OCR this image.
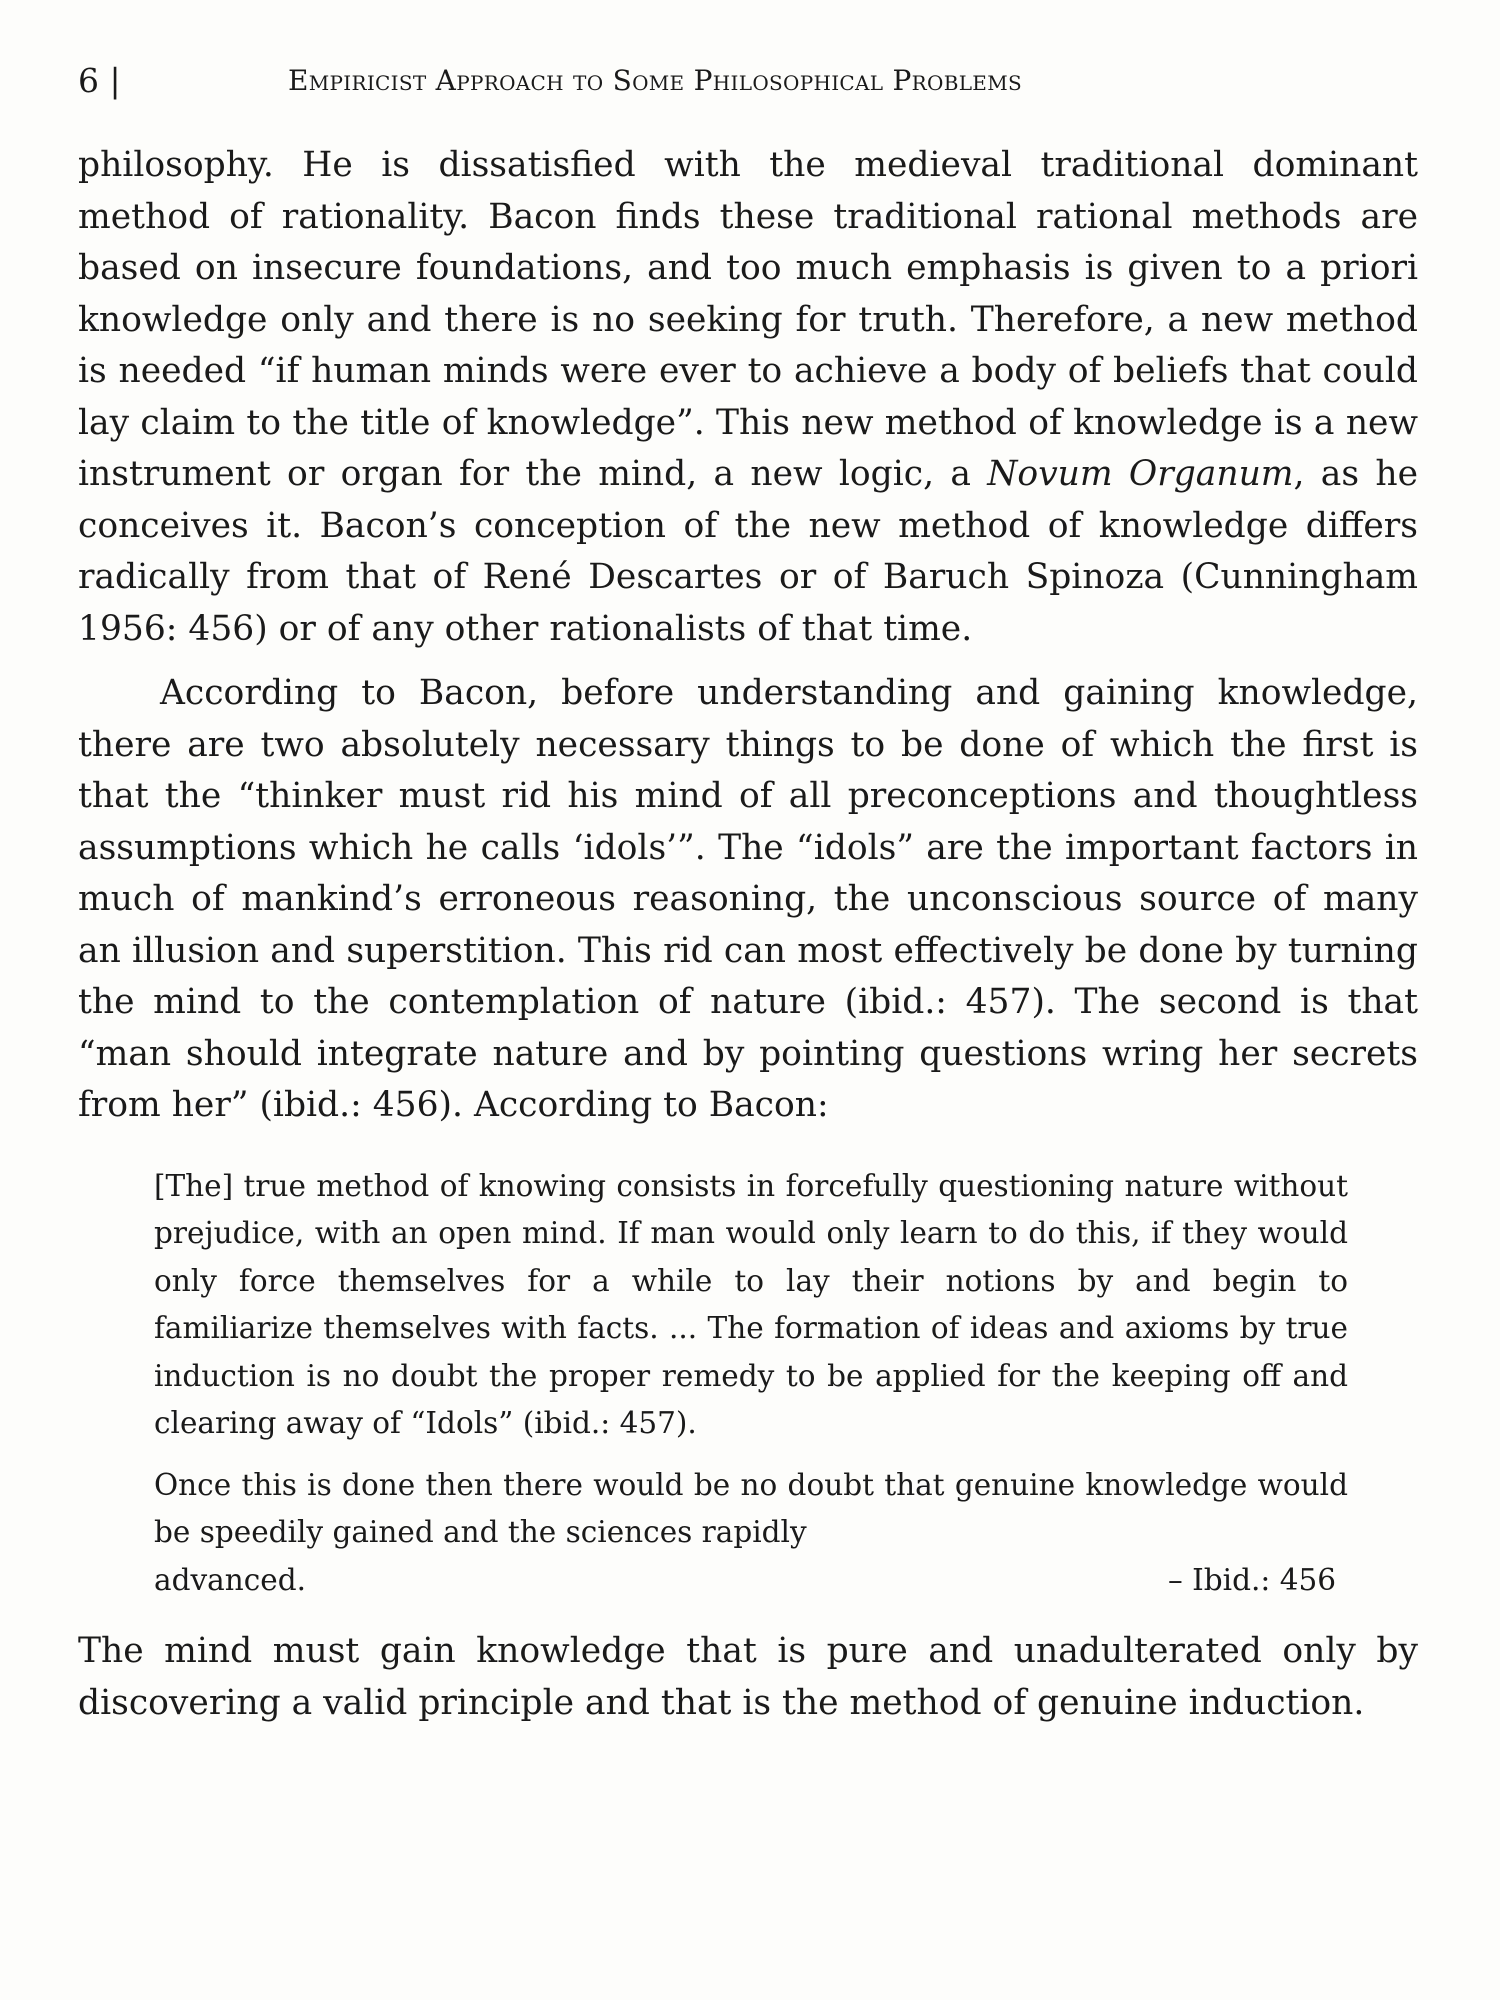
6 |	Empiricist Approach to Some Philosophical Problems

philosophy. He is dissatisfied with the medieval traditional dominant method of rationality. Bacon finds these traditional rational methods are based on insecure foundations, and too much emphasis is given to a priori knowledge only and there is no seeking for truth. Therefore, a new method is needed “if human minds were ever to achieve a body of beliefs that could lay claim to the title of knowledge”. This new method of knowledge is a new instrument or organ for the mind, a new logic, a Novum Organum, as he conceives it. Bacon’s conception of the new method of knowledge differs radically from that of René Descartes or of Baruch Spinoza (Cunningham 1956: 456) or of any other rationalists of that time.

According to Bacon, before understanding and gaining knowledge, there are two absolutely necessary things to be done of which the first is that the “thinker must rid his mind of all preconceptions and thoughtless assumptions which he calls ‘idols’”. The “idols” are the important factors in much of mankind’s erroneous reasoning, the unconscious source of many an illusion and superstition. This rid can most effectively be done by turning the mind to the contemplation of nature (ibid.: 457). The second is that “man should integrate nature and by pointing questions wring her secrets from her” (ibid.: 456). According to Bacon:

[The] true method of knowing consists in forcefully questioning nature without prejudice, with an open mind. If man would only learn to do this, if they would only force themselves for a while to lay their notions by and begin to familiarize themselves with facts. ... The formation of ideas and axioms by true induction is no doubt the proper remedy to be applied for the keeping off and clearing away of “Idols” (ibid.: 457).

Once this is done then there would be no doubt that genuine knowledge would be speedily gained and the sciences rapidly
advanced.	– Ibid.: 456

The mind must gain knowledge that is pure and unadulterated only by discovering a valid principle and that is the method of genuine induction.
